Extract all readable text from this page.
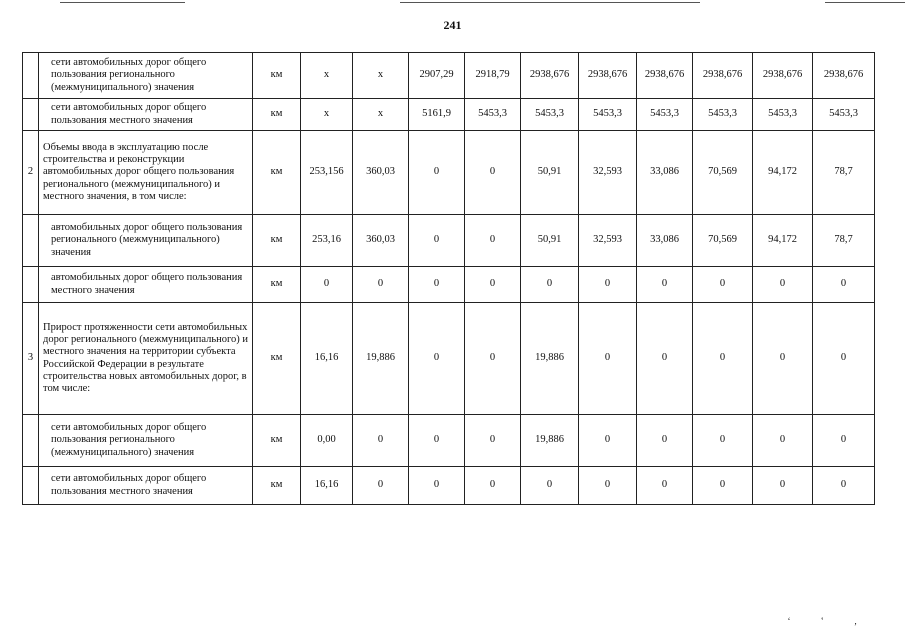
241
	сети автомобильных дорог общего пользования регионального (межмуниципального) значения	км	х	х	2907,29	2918,79	2938,676	2938,676	2938,676	2938,676	2938,676	2938,676
	сети автомобильных дорог общего пользования местного значения	км	х	х	5161,9	5453,3	5453,3	5453,3	5453,3	5453,3	5453,3	5453,3
2	Объемы ввода в эксплуатацию после строительства и реконструкции автомобильных дорог общего пользования регионального (межмуниципального) и местного значения, в том числе:	км	253,156	360,03	0	0	50,91	32,593	33,086	70,569	94,172	78,7
	автомобильных дорог общего пользования регионального (межмуниципального) значения	км	253,16	360,03	0	0	50,91	32,593	33,086	70,569	94,172	78,7
	автомобильных дорог общего пользования местного значения	км	0	0	0	0	0	0	0	0	0	0
3	Прирост протяженности сети автомобильных дорог регионального (межмуниципального) и местного значения на территории субъекта Российской Федерации в результате строительства новых автомобильных дорог, в том числе:	км	16,16	19,886	0	0	19,886	0	0	0	0	0
	сети автомобильных дорог общего пользования регионального (межмуниципального) значения	км	0,00	0	0	0	19,886	0	0	0	0	0
	сети автомобильных дорог общего пользования местного значения	км	16,16	0	0	0	0	0	0	0	0	0
‘ ‛ ‚
